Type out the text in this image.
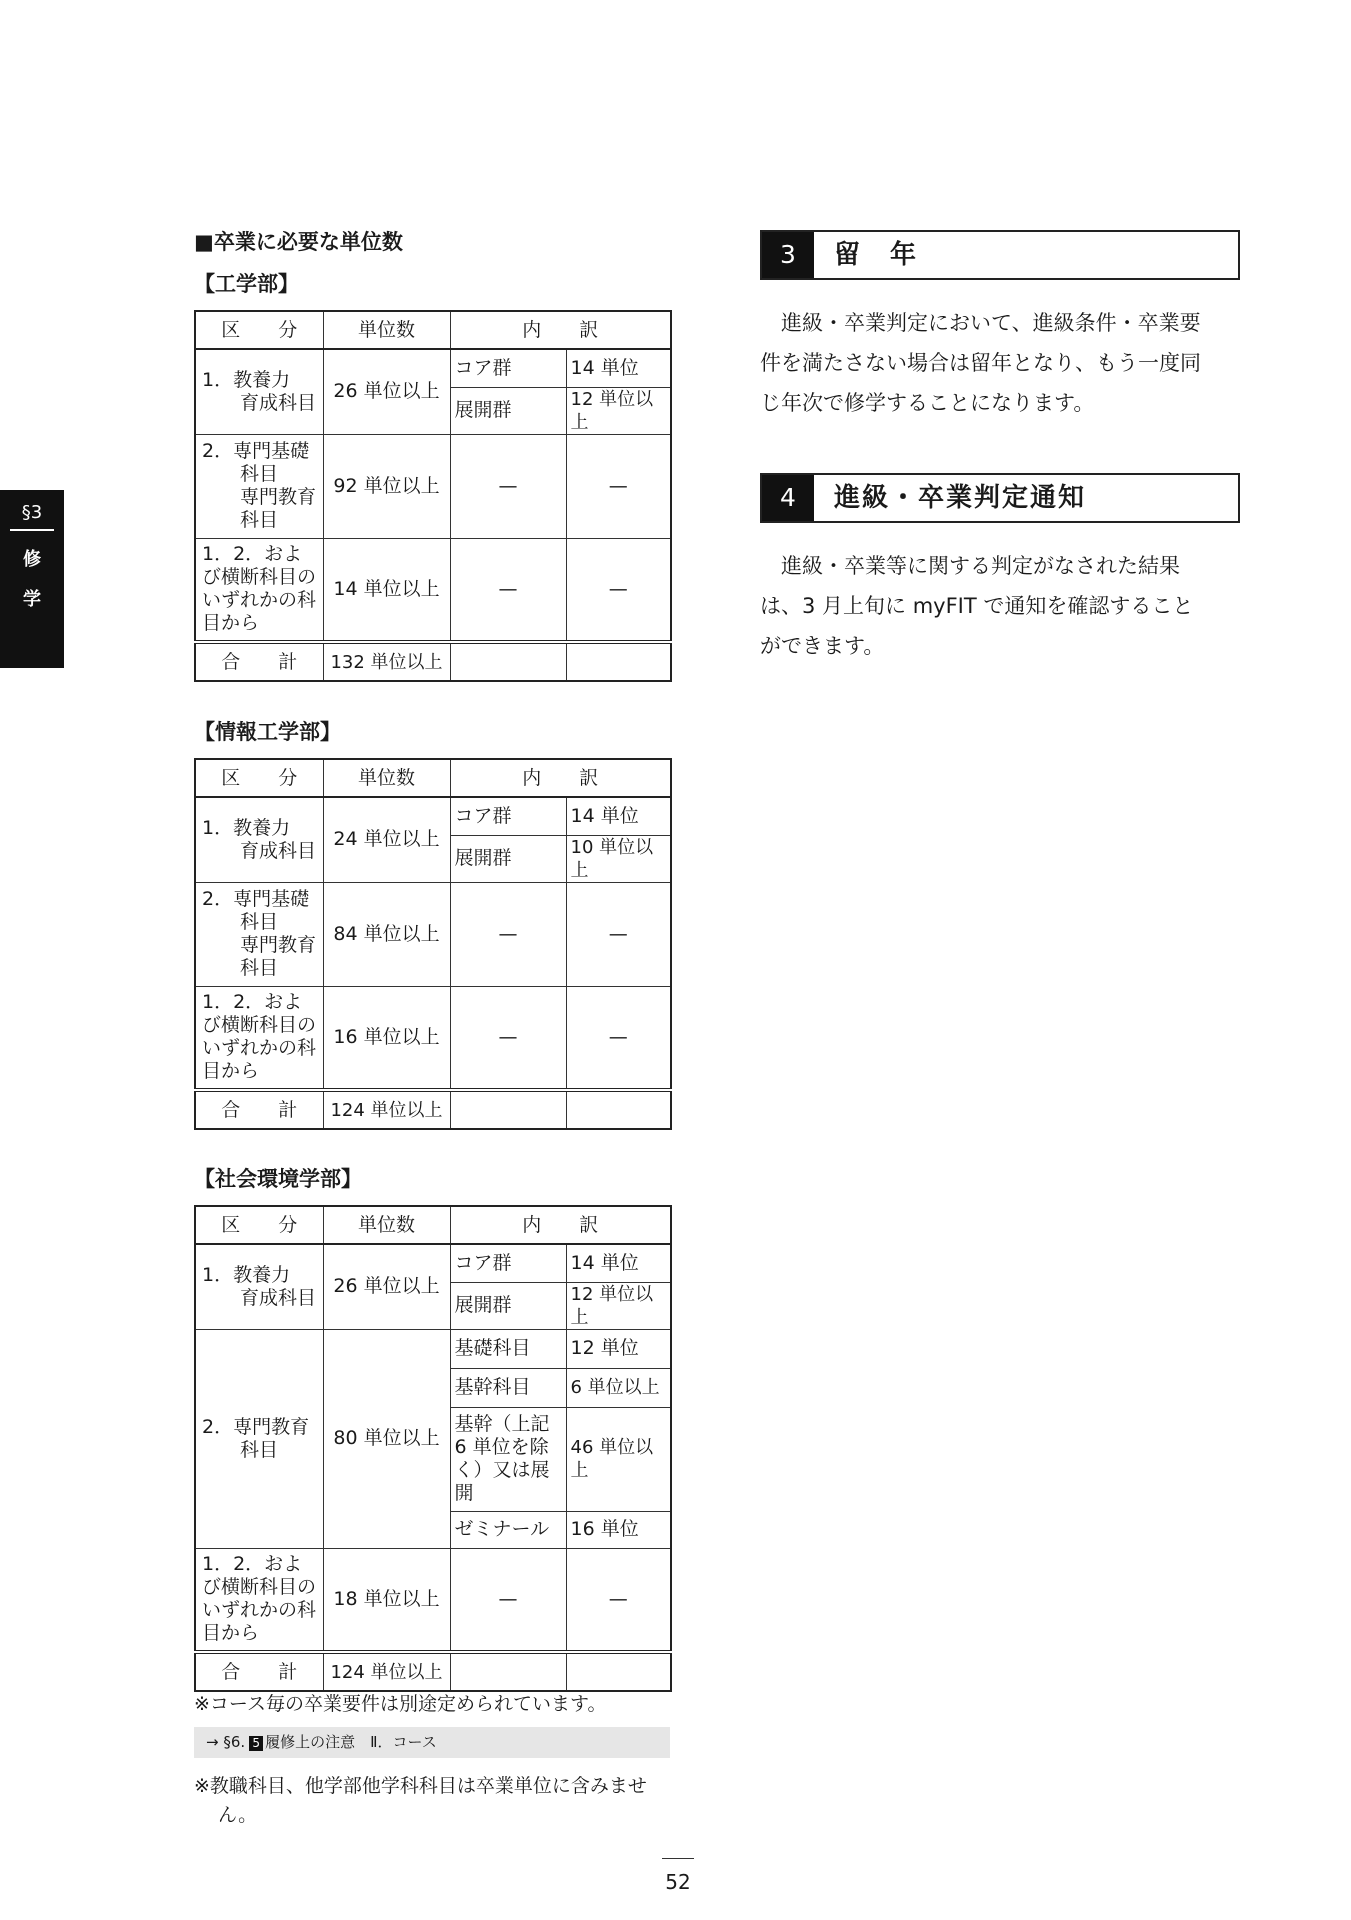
§3
修
学
■卒業に必要な単位数
【工学部】
区　　分	単位数	内　　訳	

1．教養力
育成科目	26 単位以上	コア群	14 単位
		展開群	12 単位以上

2．専門基礎
科目
専門教育
科目	92 単位以上	—	—

1．2．およ
び横断科目の
いずれかの科
目から	14 単位以上	—	—
合　　計	132 単位以上		
【情報工学部】
区　　分	単位数	内　　訳	

1．教養力
育成科目	24 単位以上	コア群	14 単位
		展開群	10 単位以上

2．専門基礎
科目
専門教育
科目	84 単位以上	—	—

1．2．およ
び横断科目の
いずれかの科
目から	16 単位以上	—	—
合　　計	124 単位以上		
【社会環境学部】
区　　分	単位数	内　　訳	

1．教養力
育成科目	26 単位以上	コア群	14 単位
		展開群	12 単位以上

2．専門教育
科目	80 単位以上	基礎科目	12 単位
		基幹科目	6 単位以上

		基幹（上記
6 単位を除
く）又は展
開	46 単位以上
		ゼミナール	16 単位

1．2．およ
び横断科目の
いずれかの科
目から	18 単位以上	—	—
合　　計	124 単位以上		
※コース毎の卒業要件は別途定められています。
→ §6. 5 履修上の注意　Ⅱ．コース
※教職科目、他学部他学科科目は卒業単位に含みませ
ん。
3	留　年
進級・卒業判定において、進級条件・卒業要
件を満たさない場合は留年となり、もう一度同
じ年次で修学することになります。
4	進級・卒業判定通知
進級・卒業等に関する判定がなされた結果
は、3 月上旬に myFIT で通知を確認すること
ができます。
52
